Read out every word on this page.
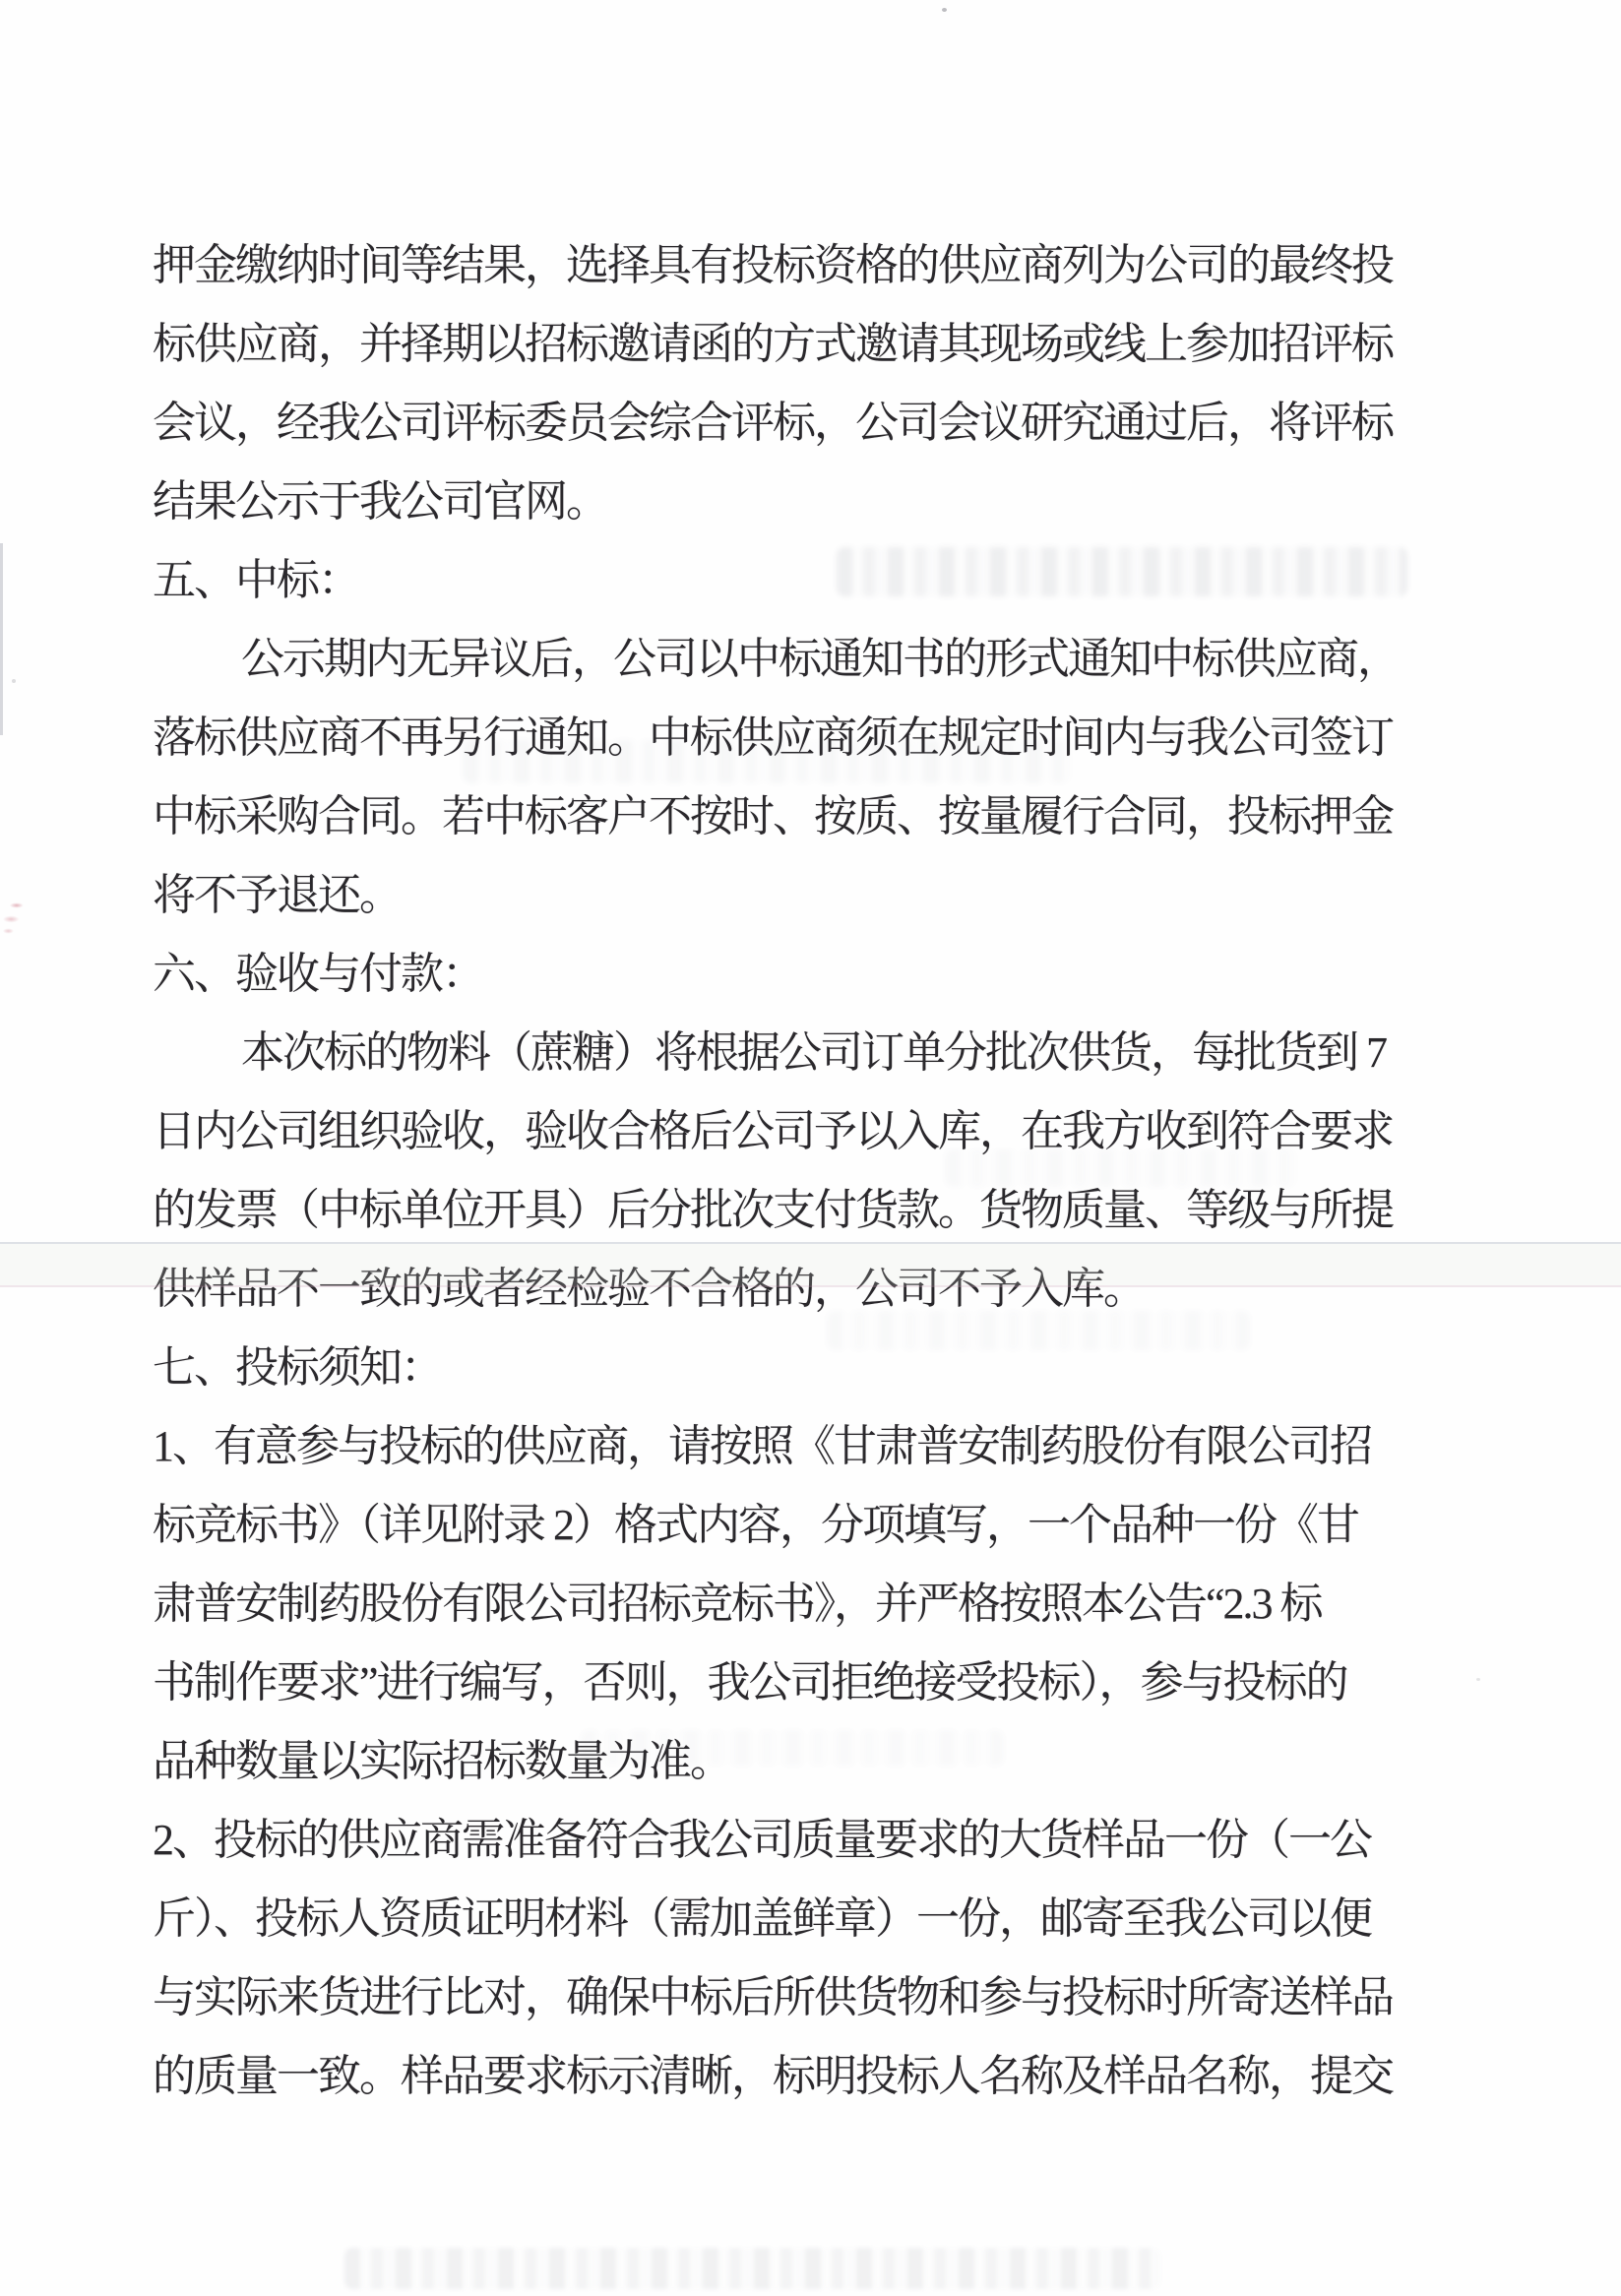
押金缴纳时间等结果，选择具有投标资格的供应商列为公司的最终投
标供应商，并择期以招标邀请函的方式邀请其现场或线上参加招评标
会议，经我公司评标委员会综合评标，公司会议研究通过后，将评标
结果公示于我公司官网。
五、中标：
公示期内无异议后，公司以中标通知书的形式通知中标供应商，
落标供应商不再另行通知。中标供应商须在规定时间内与我公司签订
中标采购合同。若中标客户不按时、按质、按量履行合同，投标押金
将不予退还。
六、验收与付款：
本次标的物料（蔗糖）将根据公司订单分批次供货，每批货到 7
日内公司组织验收，验收合格后公司予以入库，在我方收到符合要求
的发票（中标单位开具）后分批次支付货款。货物质量、等级与所提
供样品不一致的或者经检验不合格的，公司不予入库。
七、投标须知：
1、有意参与投标的供应商，请按照《甘肃普安制药股份有限公司招
标竞标书》（详见附录 2）格式内容，分项填写，一个品种一份《甘
肃普安制药股份有限公司招标竞标书》，并严格按照本公告“2.3 标
书制作要求”进行编写，否则，我公司拒绝接受投标），参与投标的
品种数量以实际招标数量为准。
2、投标的供应商需准备符合我公司质量要求的大货样品一份（一公
斤）、投标人资质证明材料（需加盖鲜章）一份，邮寄至我公司以便
与实际来货进行比对，确保中标后所供货物和参与投标时所寄送样品
的质量一致。样品要求标示清晰，标明投标人名称及样品名称，提交
